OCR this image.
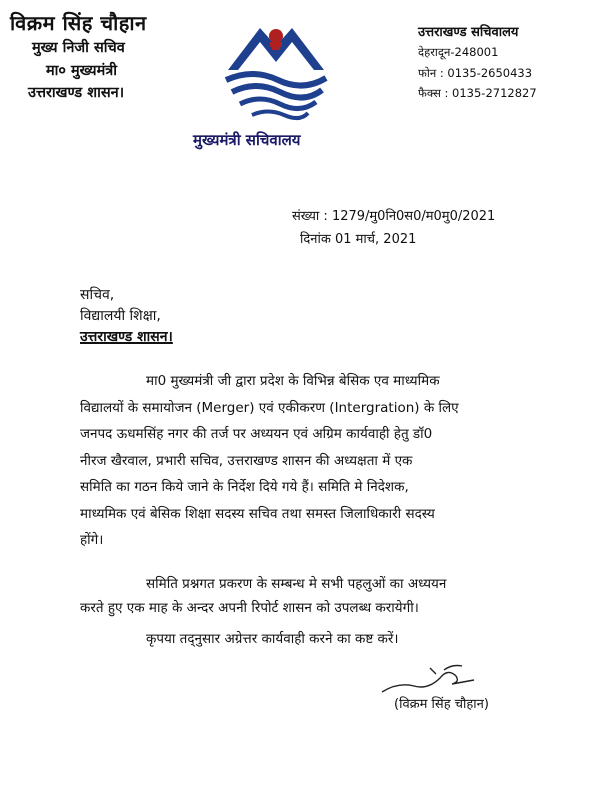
विक्रम सिंह चौहान
मुख्य निजी सचिव
मा० मुख्यमंत्री
उत्तराखण्ड शासन।
मुख्यमंत्री सचिवालय
उत्तराखण्ड सचिवालय
देहरादून-248001
फोन : 0135-2650433
फैक्स : 0135-2712827
संख्या : 1279/मु0नि0स0/म0मु0/2021
दिनांक 01 मार्च, 2021
सचिव,
विद्यालयी शिक्षा,
उत्तराखण्ड शासन।
मा0 मुख्यमंत्री जी द्वारा प्रदेश के विभिन्न बेसिक एव माध्यमिक
विद्यालयों के समायोजन (Merger) एवं एकीकरण (Intergration) के लिए
जनपद ऊधमसिंह नगर की तर्ज पर अध्ययन एवं अग्रिम कार्यवाही हेतु डॉ0
नीरज खैरवाल, प्रभारी सचिव, उत्तराखण्ड शासन की अध्यक्षता में एक
समिति का गठन किये जाने के निर्देश दिये गये हैं। समिति मे निदेशक,
माध्यमिक एवं बेसिक शिक्षा सदस्य सचिव तथा समस्त जिलाधिकारी सदस्य
होंगे।
समिति प्रश्नगत प्रकरण के सम्बन्ध मे सभी पहलुओं का अध्ययन
करते हुए एक माह के अन्दर अपनी रिपोर्ट शासन को उपलब्ध करायेगी।
कृपया तद्नुसार अग्रेत्तर कार्यवाही करने का कष्ट करें।
(विक्रम सिंह चौहान)
